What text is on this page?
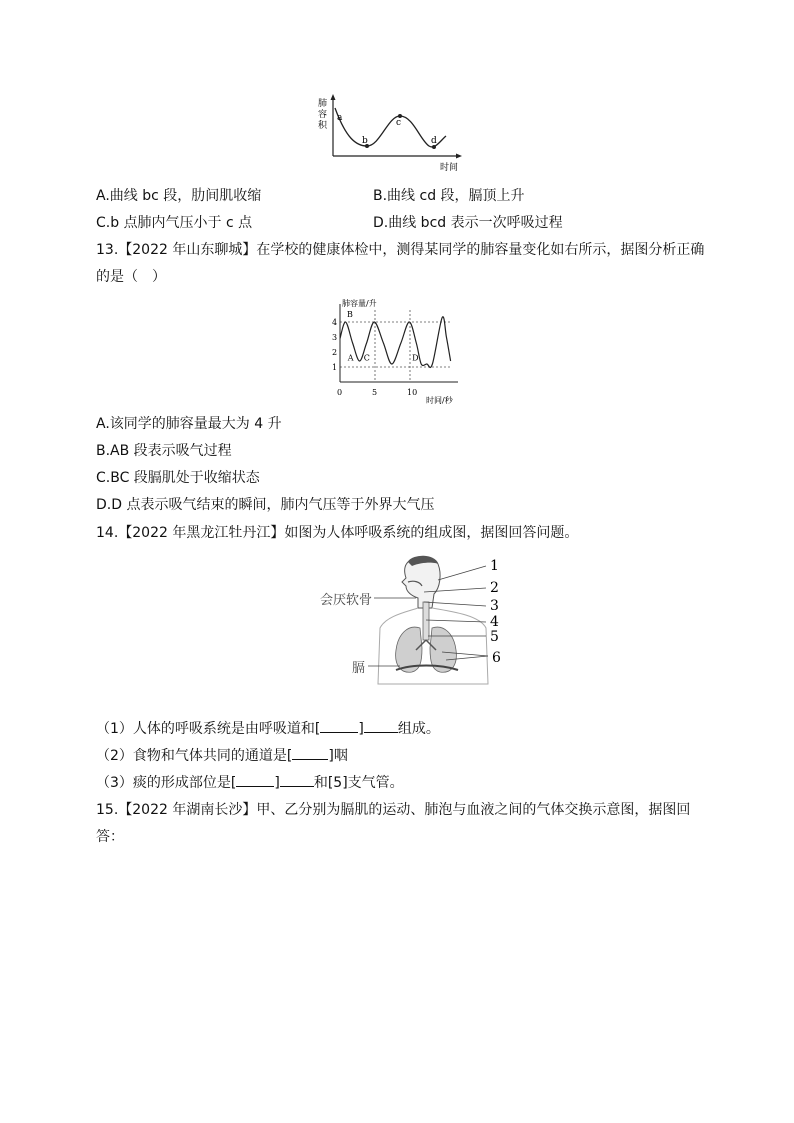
肺
容
积
a
b
c
d
时间
A.曲线 bc 段，肋间肌收缩	B.曲线 cd 段，膈顶上升
C.b 点肺内气压小于 c 点	D.曲线 bcd 表示一次呼吸过程
13.【2022 年山东聊城】在学校的健康体检中，测得某同学的肺容量变化如右所示，据图分析正确
的是（　）
1
2
3
4
0	5	10
肺容量/升
时间/秒
A
B
C	D
A.该同学的肺容量最大为 4 升
B.AB 段表示吸气过程
C.BC 段膈肌处于收缩状态
D.D 点表示吸气结束的瞬间，肺内气压等于外界大气压
14.【2022 年黑龙江牡丹江】如图为人体呼吸系统的组成图，据图回答问题。
1
2
3
4
5
6
会厌软骨
膈
（1）人体的呼吸系统是由呼吸道和[	] 组成。
（2）食物和气体共同的通道是[	]咽
（3）痰的形成部位是[	] 和[5]支气管。
15.【2022 年湖南长沙】甲、乙分别为膈肌的运动、肺泡与血液之间的气体交换示意图，据图回
答：
